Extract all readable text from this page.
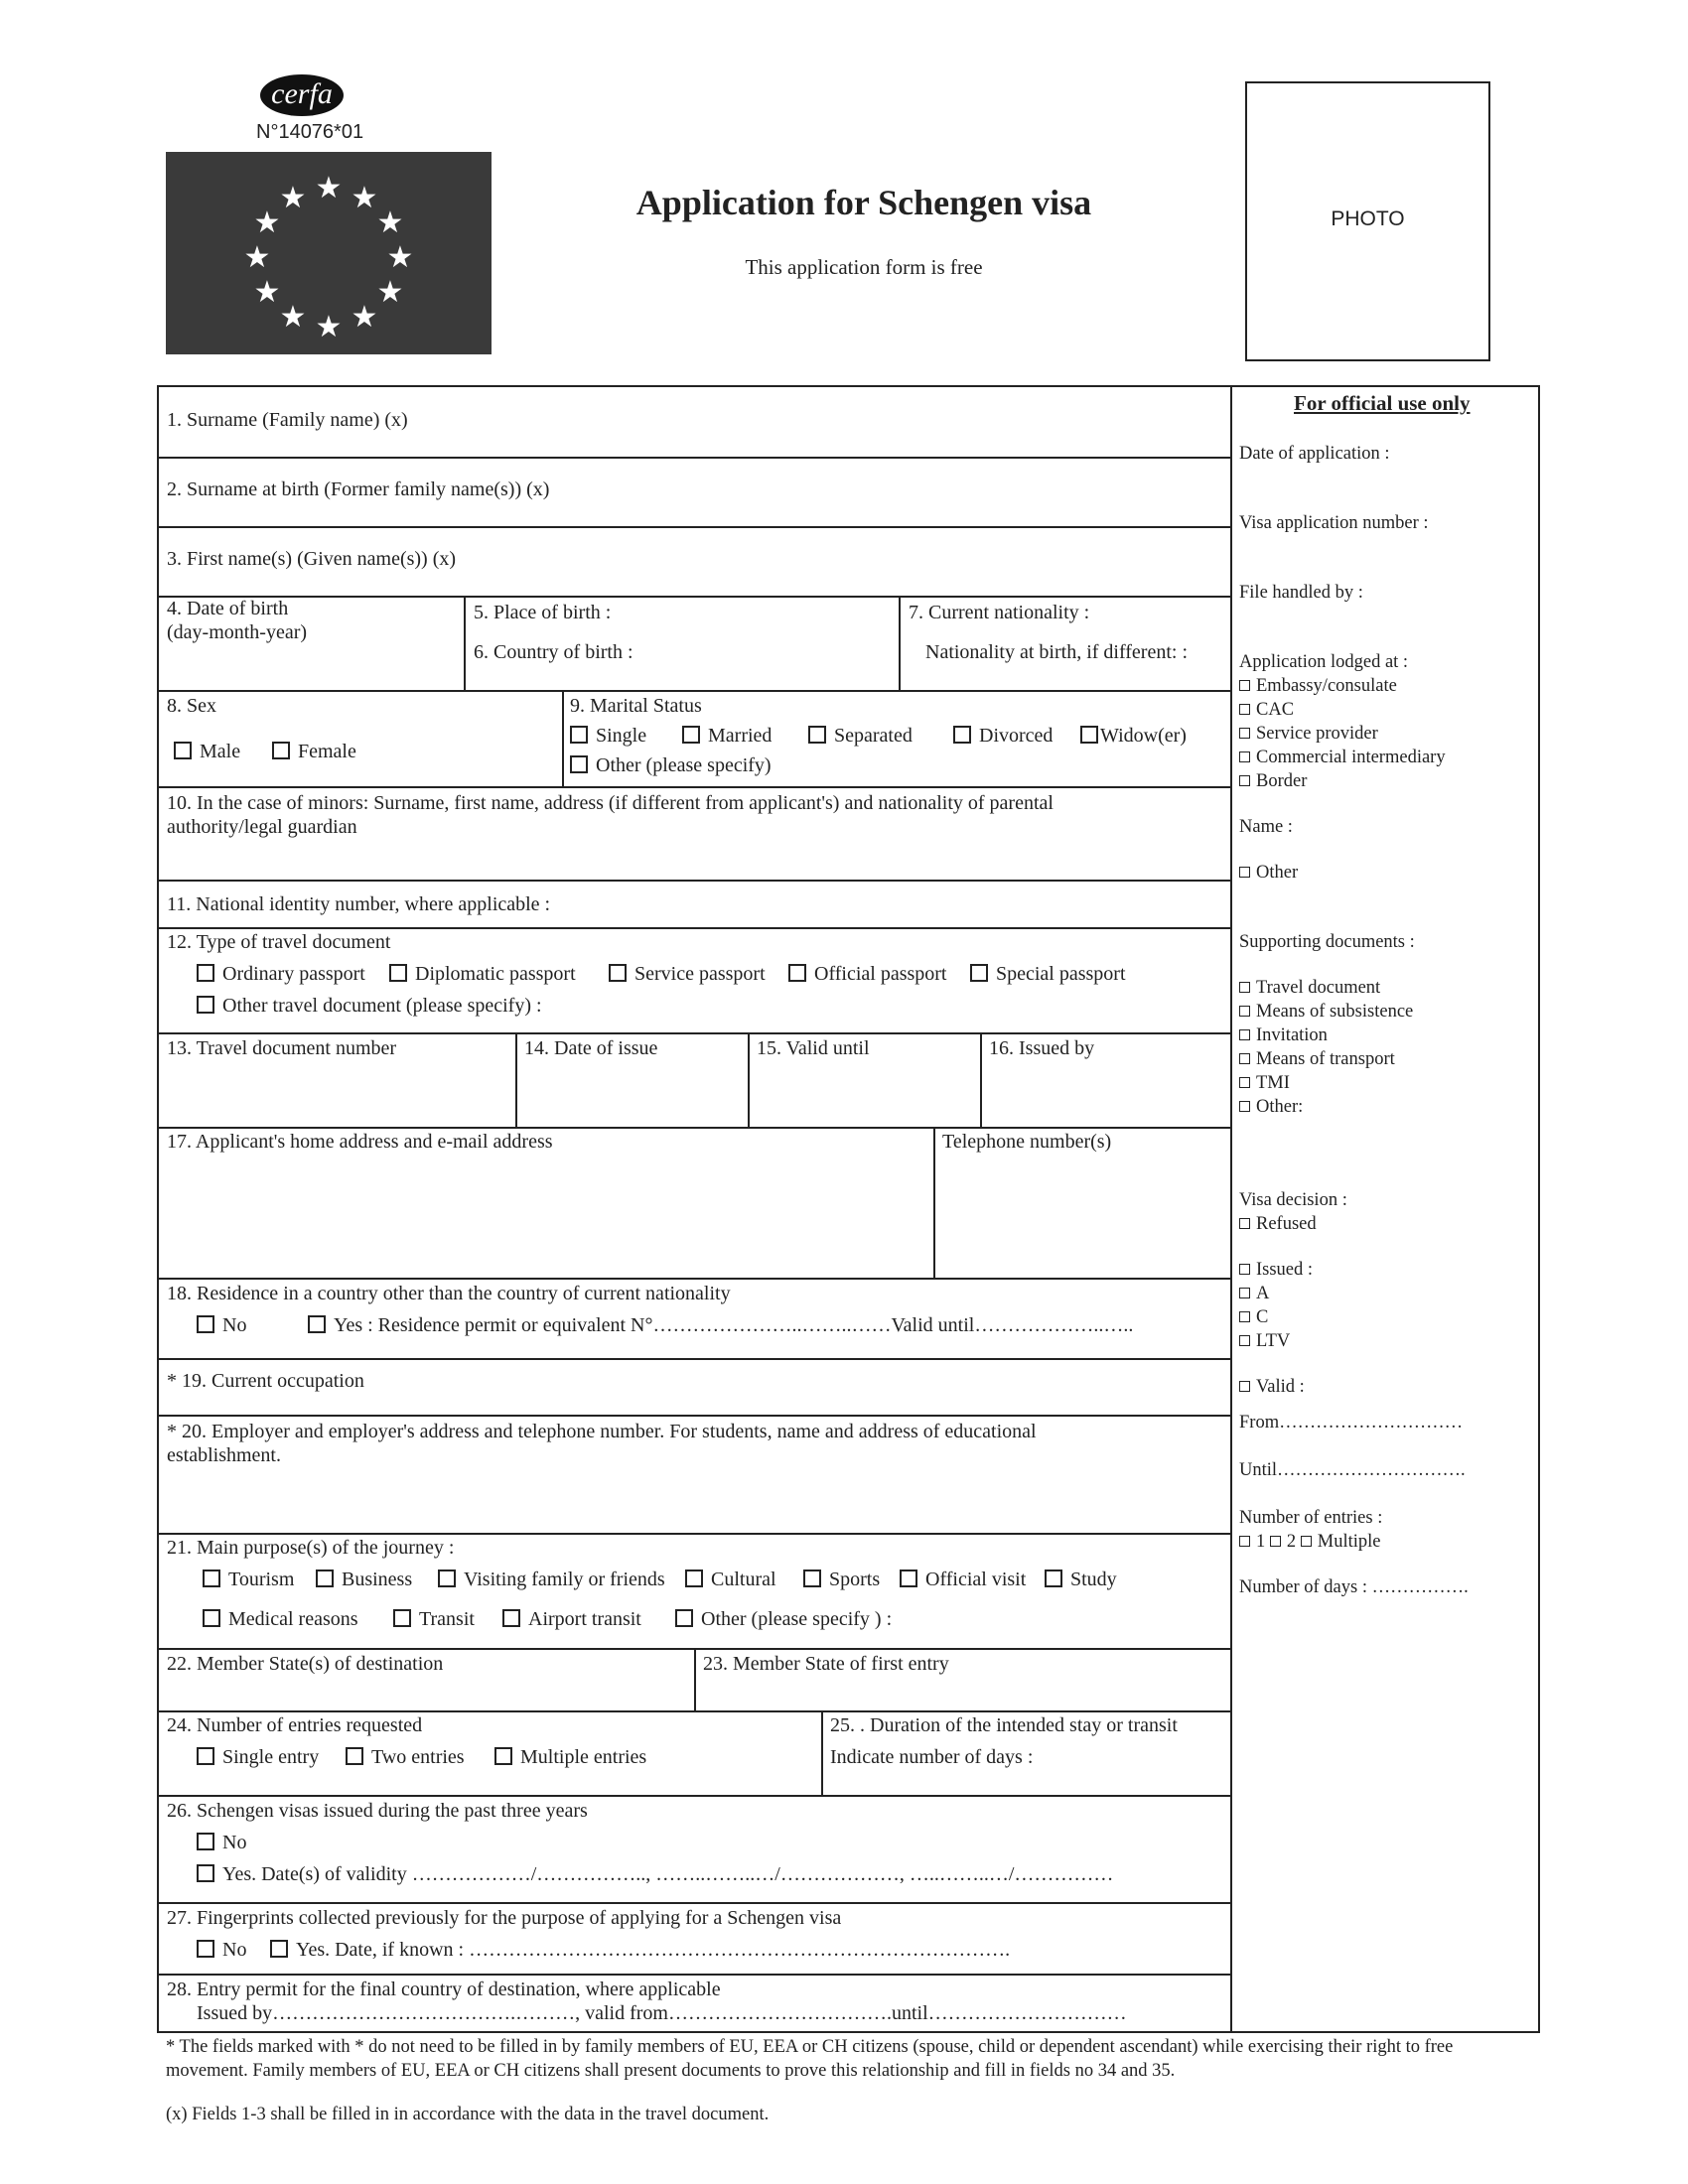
cerfa
N°14076*01
★ ★
★
★
★
★
★
★
★
★
★
★	Application for Schengen visa
This application form is free
PHOTO
1. Surname (Family name) (x)
2. Surname at birth (Former family name(s)) (x)
3. First name(s) (Given name(s)) (x)
4. Date of birth
(day-month-year)
5. Place of birth :
6. Country of birth :
7. Current nationality :
Nationality at birth, if different: :
8. Sex
Male	Female
9. Marital Status
Single	Married	Separated	Divorced	Widow(er)
Other (please specify)
10. In the case of minors: Surname, first name, address (if different from applicant's) and nationality of parental
authority/legal guardian
11. National identity number, where applicable :
12. Type of travel document
Ordinary passport	Diplomatic passport	Service passport	Official passport	Special passport
Other travel document (please specify) :
13. Travel document number	14. Date of issue	15. Valid until	16. Issued by
17. Applicant's home address and e-mail address	Telephone number(s)
18. Residence in a country other than the country of current nationality
No	Yes : Residence permit or equivalent N°…………………..……..……Valid until………………..…..
* 19. Current occupation
* 20. Employer and employer's address and telephone number. For students, name and address of educational
establishment.
21. Main purpose(s) of the journey :
Tourism	Business	Visiting family or friends	Cultural	Sports	Official visit	Study
Medical reasons	Transit	Airport transit	Other (please specify ) :
22. Member State(s) of destination	23. Member State of first entry
24. Number of entries requested
Single entry	Two entries	Multiple entries
25. . Duration of the intended stay or transit
Indicate number of days :
26. Schengen visas issued during the past three years
No
Yes. Date(s) of validity ………………/…………….., ……..……..…/………………, …..……..…/……………
27. Fingerprints collected previously for the purpose of applying for a Schengen visa
No	Yes. Date, if known : ……………………………………………………………………….
28. Entry permit for the final country of destination, where applicable
Issued by……………………………….………, valid from…………………………….until…………………………
For official use only
Date of application :
Visa application number :
File handled by :
Application lodged at :
Embassy/consulate
CAC
Service provider
Commercial intermediary
Border
Name :
Other
Supporting documents :
Travel document
Means of subsistence
Invitation
Means of transport
TMI
Other:
Visa decision :
Refused
Issued :
A
C
LTV
Valid :
From…………………………
Until………………………….
Number of entries :
1 2 Multiple
Number of days : …………….
* The fields marked with * do not need to be filled in by family members of EU, EEA or CH citizens (spouse, child or dependent ascendant) while exercising their right to free
movement. Family members of EU, EEA or CH citizens shall present documents to prove this relationship and fill in fields no 34 and 35.
(x) Fields 1-3 shall be filled in in accordance with the data in the travel document.
